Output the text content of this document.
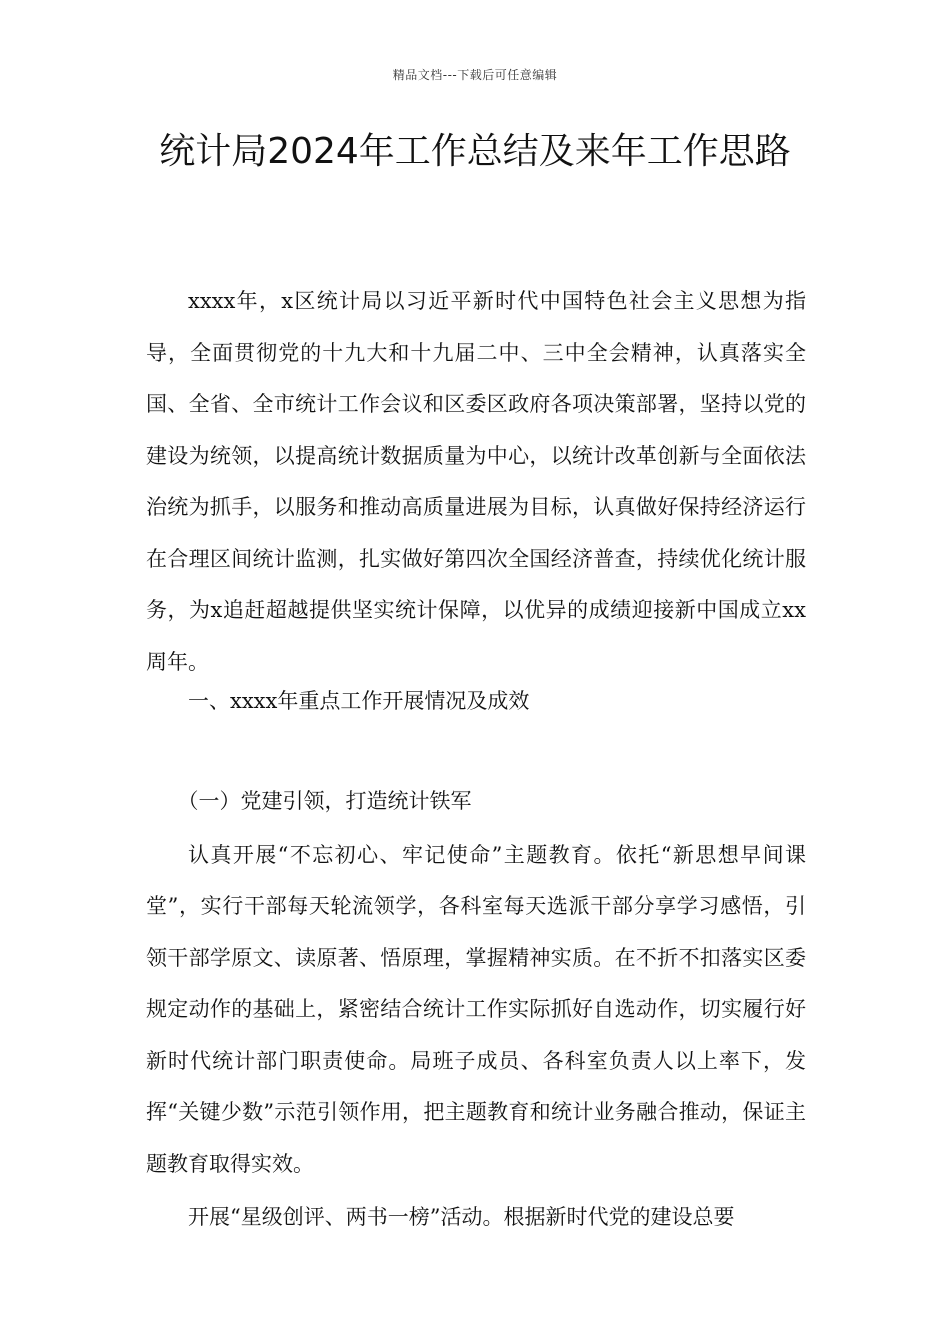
精品文档---下载后可任意编辑
统计局2024年工作总结及来年工作思路

xxxx年，x区统计局以习近平新时代中国特色社会主义思想为指导，全面贯彻党的十九大和十九届二中、三中全会精神，认真落实全国、全省、全市统计工作会议和区委区政府各项决策部署，坚持以党的建设为统领，以提高统计数据质量为中心，以统计改革创新与全面依法治统为抓手，以服务和推动高质量进展为目标，认真做好保持经济运行在合理区间统计监测，扎实做好第四次全国经济普查，持续优化统计服务，为x追赶超越提供坚实统计保障，以优异的成绩迎接新中国成立xx周年。

一、xxxx年重点工作开展情况及成效

（一）党建引领，打造统计铁军

认真开展“不忘初心、牢记使命”主题教育。依托“新思想早间课堂”，实行干部每天轮流领学，各科室每天选派干部分享学习感悟，引领干部学原文、读原著、悟原理，掌握精神实质。在不折不扣落实区委规定动作的基础上，紧密结合统计工作实际抓好自选动作，切实履行好新时代统计部门职责使命。局班子成员、各科室负责人以上率下，发挥“关键少数”示范引领作用，把主题教育和统计业务融合推动，保证主题教育取得实效。

开展“星级创评、两书一榜”活动。根据新时代党的建设总要
